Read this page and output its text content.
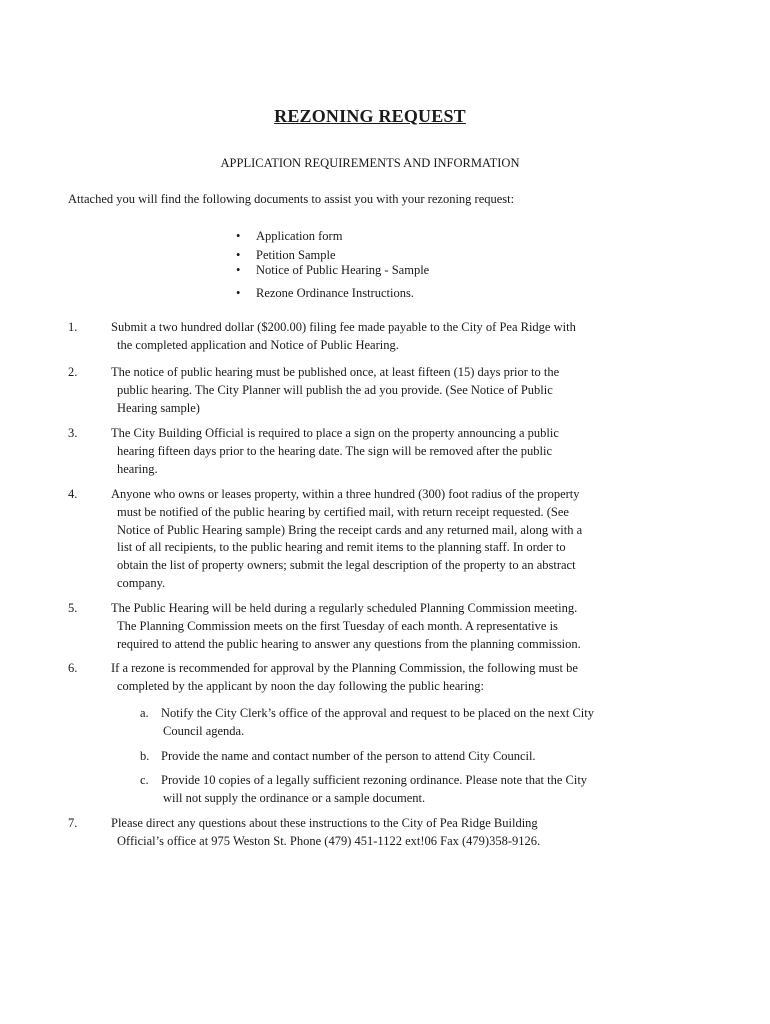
REZONING REQUEST
APPLICATION REQUIREMENTS AND INFORMATION
Attached you will find the following documents to assist you with your rezoning request:
• Application form
• Petition Sample
• Notice of Public Hearing - Sample
• Rezone Ordinance Instructions.
1.	Submit a two hundred dollar ($200.00) filing fee made payable to the City of Pea Ridge with
the completed application and Notice of Public Hearing.
2.	The notice of public hearing must be published once, at least fifteen (15) days prior to the
public hearing. The City Planner will publish the ad you provide. (See Notice of Public
Hearing sample)
3.	The City Building Official is required to place a sign on the property announcing a public
hearing fifteen days prior to the hearing date. The sign will be removed after the public
hearing.
4.	Anyone who owns or leases property, within a three hundred (300) foot radius of the property
must be notified of the public hearing by certified mail, with return receipt requested. (See
Notice of Public Hearing sample) Bring the receipt cards and any returned mail, along with a
list of all recipients, to the public hearing and remit items to the planning staff. In order to
obtain the list of property owners; submit the legal description of the property to an abstract
company.
5.	The Public Hearing will be held during a regularly scheduled Planning Commission meeting.
The Planning Commission meets on the first Tuesday of each month. A representative is
required to attend the public hearing to answer any questions from the planning commission.
6.	If a rezone is recommended for approval by the Planning Commission, the following must be
completed by the applicant by noon the day following the public hearing:
a. Notify the City Clerk’s office of the approval and request to be placed on the next City
Council agenda.
b. Provide the name and contact number of the person to attend City Council.
c. Provide 10 copies of a legally sufficient rezoning ordinance. Please note that the City
will not supply the ordinance or a sample document.
7.	Please direct any questions about these instructions to the City of Pea Ridge Building
Official’s office at 975 Weston St. Phone (479) 451-1122 ext!06 Fax (479)358-9126.
